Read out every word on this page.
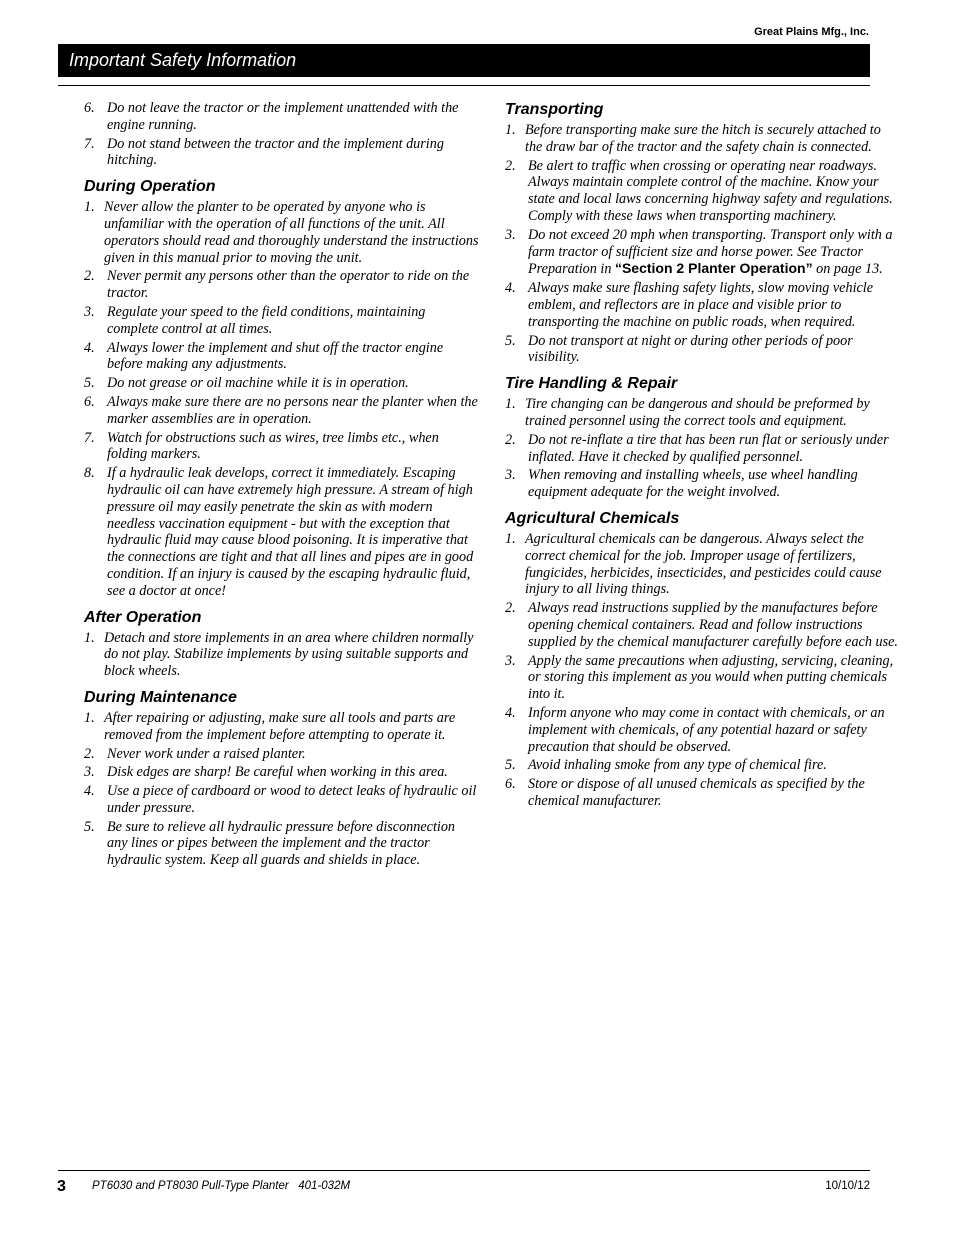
Great Plains Mfg., Inc.
Important Safety Information
6. Do not leave the tractor or the implement unattended with the engine running.
7. Do not stand between the tractor and the implement during hitching.
During Operation
1. Never allow the planter to be operated by anyone who is unfamiliar with the operation of all functions of the unit. All operators should read and thoroughly understand the instructions given in this manual prior to moving the unit.
2. Never permit any persons other than the operator to ride on the tractor.
3. Regulate your speed to the field conditions, maintaining complete control at all times.
4. Always lower the implement and shut off the tractor engine before making any adjustments.
5. Do not grease or oil machine while it is in operation.
6. Always make sure there are no persons near the planter when the marker assemblies are in operation.
7. Watch for obstructions such as wires, tree limbs etc., when folding markers.
8. If a hydraulic leak develops, correct it immediately. Escaping hydraulic oil can have extremely high pressure. A stream of high pressure oil may easily penetrate the skin as with modern needless vaccination equipment - but with the exception that hydraulic fluid may cause blood poisoning. It is imperative that the connections are tight and that all lines and pipes are in good condition. If an injury is caused by the escaping hydraulic fluid, see a doctor at once!
After Operation
1. Detach and store implements in an area where children normally do not play. Stabilize implements by using suitable supports and block wheels.
During Maintenance
1. After repairing or adjusting, make sure all tools and parts are removed from the implement before attempting to operate it.
2. Never work under a raised planter.
3. Disk edges are sharp! Be careful when working in this area.
4. Use a piece of cardboard or wood to detect leaks of hydraulic oil under pressure.
5. Be sure to relieve all hydraulic pressure before disconnection any lines or pipes between the implement and the tractor hydraulic system. Keep all guards and shields in place.
Transporting
1. Before transporting make sure the hitch is securely attached to the draw bar of the tractor and the safety chain is connected.
2. Be alert to traffic when crossing or operating near roadways. Always maintain complete control of the machine. Know your state and local laws concerning highway safety and regulations. Comply with these laws when transporting machinery.
3. Do not exceed 20 mph when transporting. Transport only with a farm tractor of sufficient size and horse power. See Tractor Preparation in “Section 2 Planter Operation” on page 13.
4. Always make sure flashing safety lights, slow moving vehicle emblem, and reflectors are in place and visible prior to transporting the machine on public roads, when required.
5. Do not transport at night or during other periods of poor visibility.
Tire Handling & Repair
1. Tire changing can be dangerous and should be preformed by trained personnel using the correct tools and equipment.
2. Do not re-inflate a tire that has been run flat or seriously under inflated. Have it checked by qualified personnel.
3. When removing and installing wheels, use wheel handling equipment adequate for the weight involved.
Agricultural Chemicals
1. Agricultural chemicals can be dangerous. Always select the correct chemical for the job. Improper usage of fertilizers, fungicides, herbicides, insecticides, and pesticides could cause injury to all living things.
2. Always read instructions supplied by the manufactures before opening chemical containers. Read and follow instructions supplied by the chemical manufacturer carefully before each use.
3. Apply the same precautions when adjusting, servicing, cleaning, or storing this implement as you would when putting chemicals into it.
4. Inform anyone who may come in contact with chemicals, or an implement with chemicals, of any potential hazard or safety precaution that should be observed.
5. Avoid inhaling smoke from any type of chemical fire.
6. Store or dispose of all unused chemicals as specified by the chemical manufacturer.
3 PT6030 and PT8030 Pull-Type Planter   401-032M	10/10/12
